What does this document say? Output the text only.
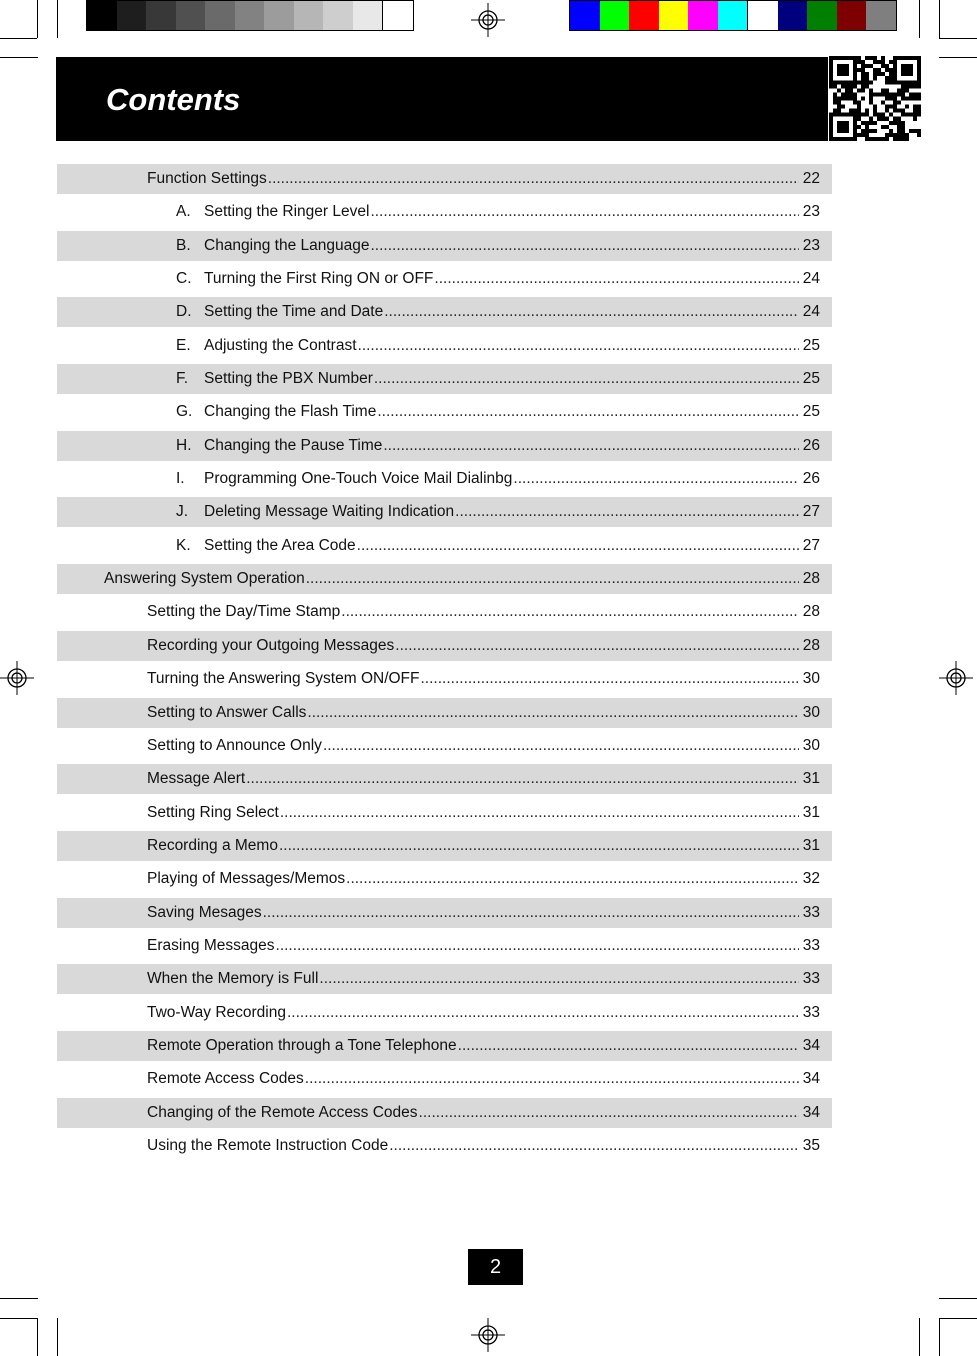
Contents
Function Settings .....	22
A. Setting the Ringer Level .....	23
B. Changing the Language .....	23
C. Turning the First Ring ON or OFF .....	24
D. Setting the Time and Date .....	24
E. Adjusting the Contrast .....	25
F.	Setting the PBX Number .....	25
G. Changing the Flash Time .....	25
H. Changing the Pause Time .....	26
I.	Programming One-Touch Voice Mail Dialinbg .....	26
J.	Deleting Message Waiting Indication .....	27
K. Setting the Area Code .....	27
Answering System Operation .....	28
Setting the Day/Time Stamp .....	28
Recording your Outgoing Messages .....	28
Turning the Answering System ON/OFF .....	30
Setting to Answer Calls .....	30
Setting to Announce Only .....	30
Message Alert .....	31
Setting Ring Select .....	31
Recording a Memo .....	31
Playing of Messages/Memos .....	32
Saving Mesages .....	33
Erasing Messages .....	33
When the Memory is Full .....	33
Two-Way Recording .....	33
Remote Operation through a Tone Telephone .....	34
Remote Access Codes .....	34
Changing of the Remote Access Codes .....	34
Using the Remote Instruction Code .....	35
2
